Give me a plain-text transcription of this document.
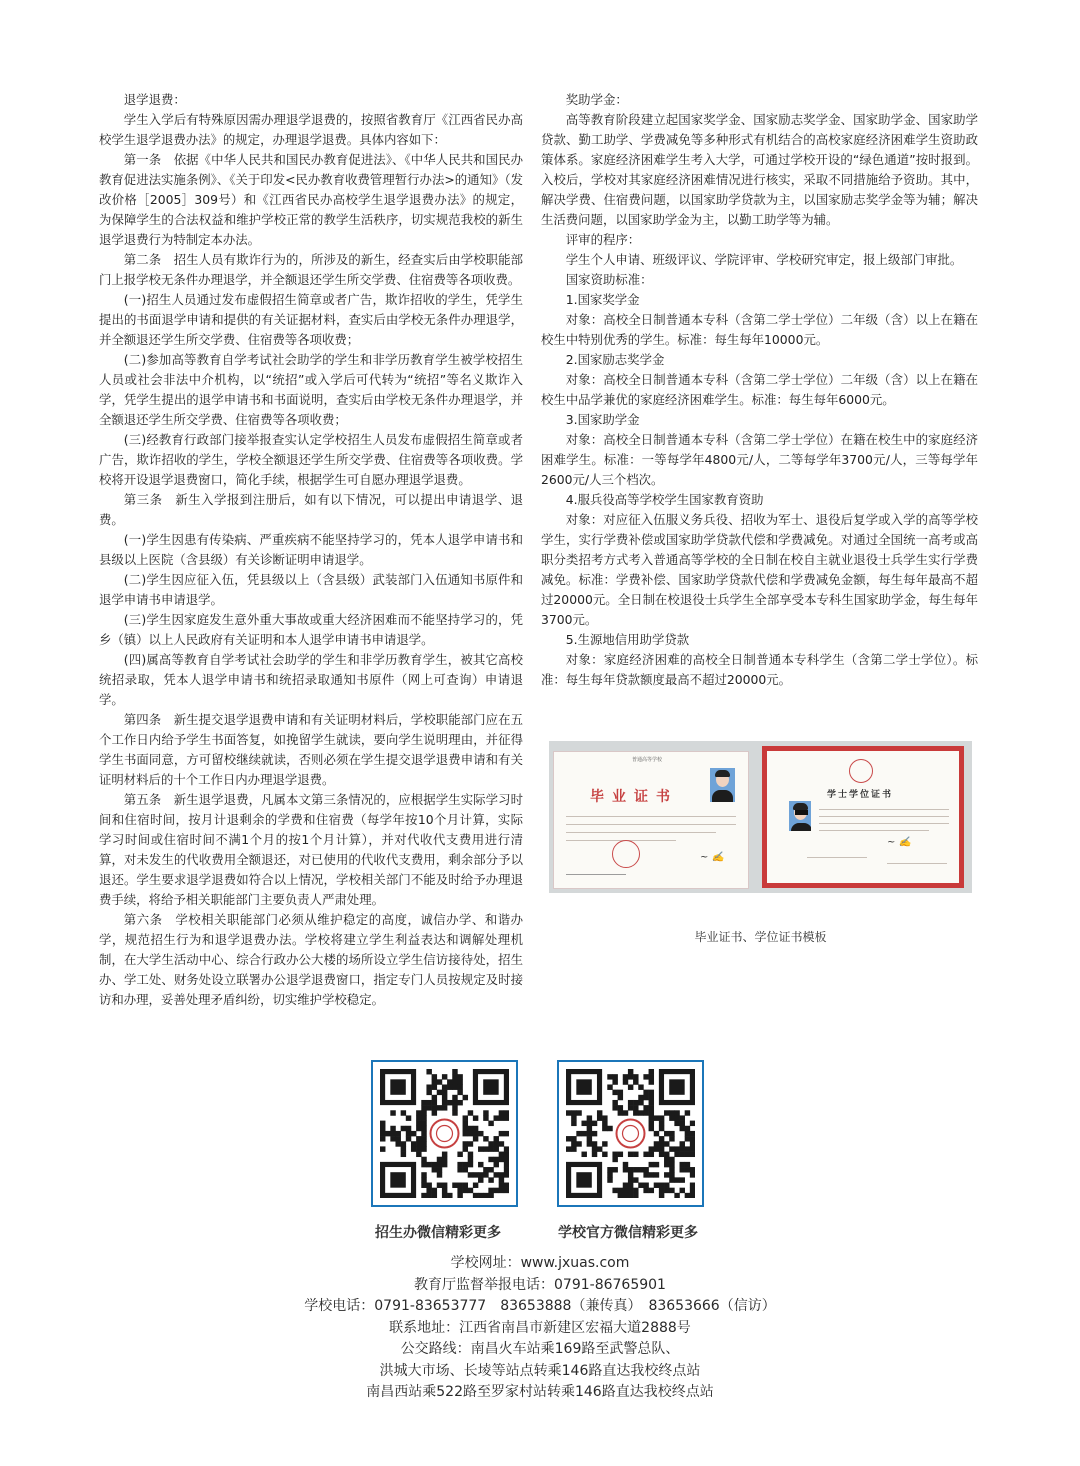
退学退费：

学生入学后有特殊原因需办理退学退费的，按照省教育厅《江西省民办高校学生退学退费办法》的规定，办理退学退费。具体内容如下：

第一条　依据《中华人民共和国民办教育促进法》、《中华人民共和国民办教育促进法实施条例》、《关于印发<民办教育收费管理暂行办法>的通知》（发改价格［2005］309号）和《江西省民办高校学生退学退费办法》的规定，为保障学生的合法权益和维护学校正常的教学生活秩序，切实规范我校的新生退学退费行为特制定本办法。

第二条　招生人员有欺诈行为的，所涉及的新生，经查实后由学校职能部门上报学校无条件办理退学，并全额退还学生所交学费、住宿费等各项收费。

(一)招生人员通过发布虚假招生简章或者广告，欺诈招收的学生，凭学生提出的书面退学申请和提供的有关证据材料，查实后由学校无条件办理退学，并全额退还学生所交学费、住宿费等各项收费；

(二)参加高等教育自学考试社会助学的学生和非学历教育学生被学校招生人员或社会非法中介机构，以“统招”或入学后可代转为“统招”等名义欺诈入学，凭学生提出的退学申请书和书面说明，查实后由学校无条件办理退学，并全额退还学生所交学费、住宿费等各项收费；

(三)经教育行政部门接举报查实认定学校招生人员发布虚假招生简章或者广告，欺诈招收的学生，学校全额退还学生所交学费、住宿费等各项收费。学校将开设退学退费窗口，简化手续，根据学生可自愿办理退学退费。

第三条　新生入学报到注册后，如有以下情况，可以提出申请退学、退费。

(一)学生因患有传染病、严重疾病不能坚持学习的，凭本人退学申请书和县级以上医院（含县级）有关诊断证明申请退学。

(二)学生因应征入伍，凭县级以上（含县级）武装部门入伍通知书原件和退学申请书申请退学。

(三)学生因家庭发生意外重大事故或重大经济困难而不能坚持学习的，凭乡（镇）以上人民政府有关证明和本人退学申请书申请退学。

(四)属高等教育自学考试社会助学的学生和非学历教育学生，被其它高校统招录取，凭本人退学申请书和统招录取通知书原件（网上可查询）申请退学。

第四条　新生提交退学退费申请和有关证明材料后，学校职能部门应在五个工作日内给予学生书面答复，如挽留学生就读，要向学生说明理由，并征得学生书面同意，方可留校继续就读，否则必须在学生提交退学退费申请和有关证明材料后的十个工作日内办理退学退费。

第五条　新生退学退费，凡属本文第三条情况的，应根据学生实际学习时间和住宿时间，按月计退剩余的学费和住宿费（每学年按10个月计算，实际学习时间或住宿时间不满1个月的按1个月计算），并对代收代支费用进行清算，对未发生的代收费用全额退还，对已使用的代收代支费用，剩余部分予以退还。学生要求退学退费如符合以上情况，学校相关部门不能及时给予办理退费手续，将给予相关职能部门主要负责人严肃处理。

第六条　学校相关职能部门必须从维护稳定的高度，诚信办学、和谐办学，规范招生行为和退学退费办法。学校将建立学生利益表达和调解处理机制，在大学生活动中心、综合行政办公大楼的场所设立学生信访接待处，招生办、学工处、财务处设立联署办公退学退费窗口，指定专门人员按规定及时接访和办理，妥善处理矛盾纠纷，切实维护学校稳定。

奖助学金：

高等教育阶段建立起国家奖学金、国家励志奖学金、国家助学金、国家助学贷款、勤工助学、学费减免等多种形式有机结合的高校家庭经济困难学生资助政策体系。家庭经济困难学生考入大学，可通过学校开设的“绿色通道”按时报到。入校后，学校对其家庭经济困难情况进行核实，采取不同措施给予资助。其中，解决学费、住宿费问题，以国家助学贷款为主，以国家励志奖学金等为辅；解决生活费问题，以国家助学金为主，以勤工助学等为辅。

评审的程序：

学生个人申请、班级评议、学院评审、学校研究审定，报上级部门审批。

国家资助标准：

1.国家奖学金

对象：高校全日制普通本专科（含第二学士学位）二年级（含）以上在籍在校生中特别优秀的学生。标准：每生每年10000元。

2.国家励志奖学金

对象：高校全日制普通本专科（含第二学士学位）二年级（含）以上在籍在校生中品学兼优的家庭经济困难学生。标准：每生每年6000元。

3.国家助学金

对象：高校全日制普通本专科（含第二学士学位）在籍在校生中的家庭经济困难学生。标准：一等每学年4800元/人，二等每学年3700元/人，三等每学年2600元/人三个档次。

4.服兵役高等学校学生国家教育资助

对象：对应征入伍服义务兵役、招收为军士、退役后复学或入学的高等学校学生，实行学费补偿或国家助学贷款代偿和学费减免。对通过全国统一高考或高职分类招考方式考入普通高等学校的全日制在校自主就业退役士兵学生实行学费减免。标准：学费补偿、国家助学贷款代偿和学费减免金额，每生每年最高不超过20000元。全日制在校退役士兵学生全部享受本专科生国家助学金，每生每年3700元。

5.生源地信用助学贷款

对象：家庭经济困难的高校全日制普通本专科学生（含第二学士学位）。标准：每生每年贷款额度最高不超过20000元。

普通高等学校
毕业证书
~ ✍
学士学位证书
~ ✍
毕业证书、学位证书模板
招生办微信精彩更多	学校官方微信精彩更多
学校网址：www.jxuas.com
教育厅监督举报电话：0791-86765901
学校电话：0791-83653777　83653888（兼传真）　83653666（信访）
联系地址：江西省南昌市新建区宏福大道2888号
公交路线：南昌火车站乘169路至武警总队、
洪城大市场、长堎等站点转乘146路直达我校终点站
南昌西站乘522路至罗家村站转乘146路直达我校终点站
